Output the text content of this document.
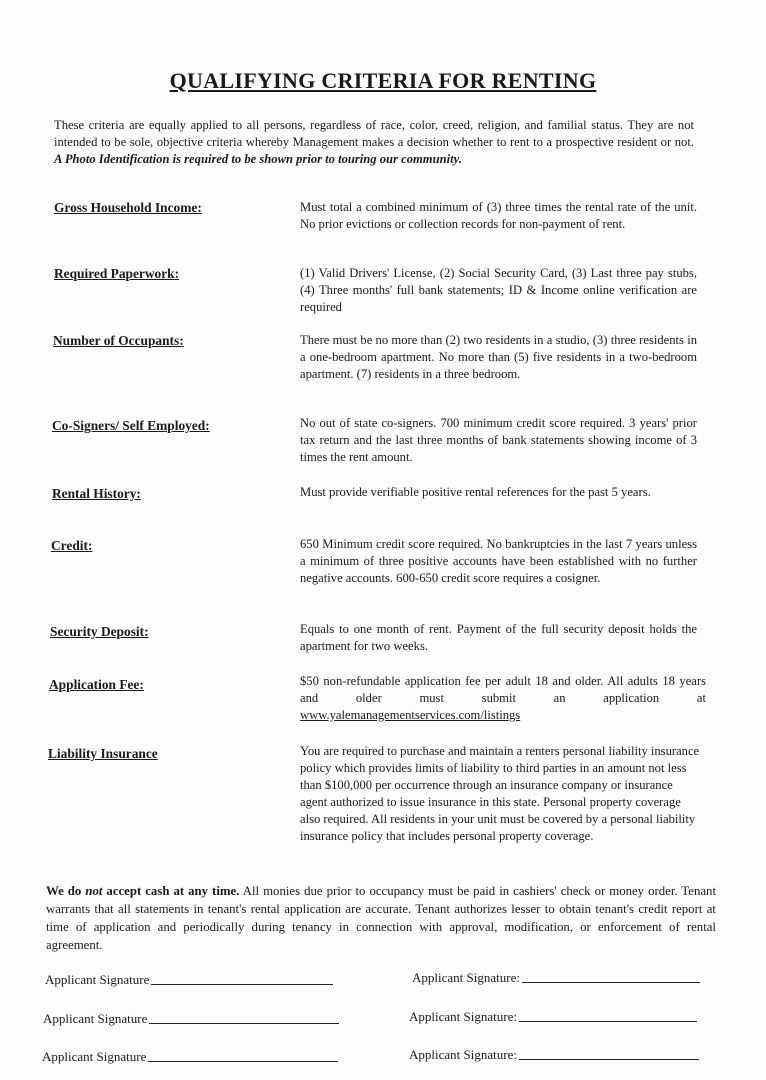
QUALIFYING CRITERIA FOR RENTING
These criteria are equally applied to all persons, regardless of race, color, creed, religion, and familial status. They are not intended to be sole, objective criteria whereby Management makes a decision whether to rent to a prospective resident or not. A Photo Identification is required to be shown prior to touring our community.
Gross Household Income:	Must total a combined minimum of (3) three times the rental rate of the unit. No prior evictions or collection records for non-payment of rent.
Required Paperwork:	(1) Valid Drivers' License, (2) Social Security Card, (3) Last three pay stubs, (4) Three months' full bank statements; ID & Income online verification are required
Number of Occupants:	There must be no more than (2) two residents in a studio, (3) three residents in a one-bedroom apartment. No more than (5) five residents in a two-bedroom apartment. (7) residents in a three bedroom.
Co-Signers/ Self Employed:	No out of state co-signers. 700 minimum credit score required. 3 years' prior tax return and the last three months of bank statements showing income of 3 times the rent amount.
Rental History:	Must provide verifiable positive rental references for the past 5 years.
Credit:	650 Minimum credit score required. No bankruptcies in the last 7 years unless a minimum of three positive accounts have been established with no further negative accounts. 600-650 credit score requires a cosigner.
Security Deposit:	Equals to one month of rent. Payment of the full security deposit holds the apartment for two weeks.
Application Fee:	$50 non-refundable application fee per adult 18 and older. All adults 18 years and older must submit an application at www.yalemanagementservices.com/listings
Liability Insurance	You are required to purchase and maintain a renters personal liability insurance policy which provides limits of liability to third parties in an amount not less than $100,000 per occurrence through an insurance company or insurance agent authorized to issue insurance in this state. Personal property coverage also required. All residents in your unit must be covered by a personal liability insurance policy that includes personal property coverage.
We do not accept cash at any time. All monies due prior to occupancy must be paid in cashiers' check or money order. Tenant warrants that all statements in tenant's rental application are accurate. Tenant authorizes lesser to obtain tenant's credit report at time of application and periodically during tenancy in connection with approval, modification, or enforcement of rental agreement.
Applicant Signature	Applicant Signature:
Applicant Signature	Applicant Signature:
Applicant Signature	Applicant Signature:
